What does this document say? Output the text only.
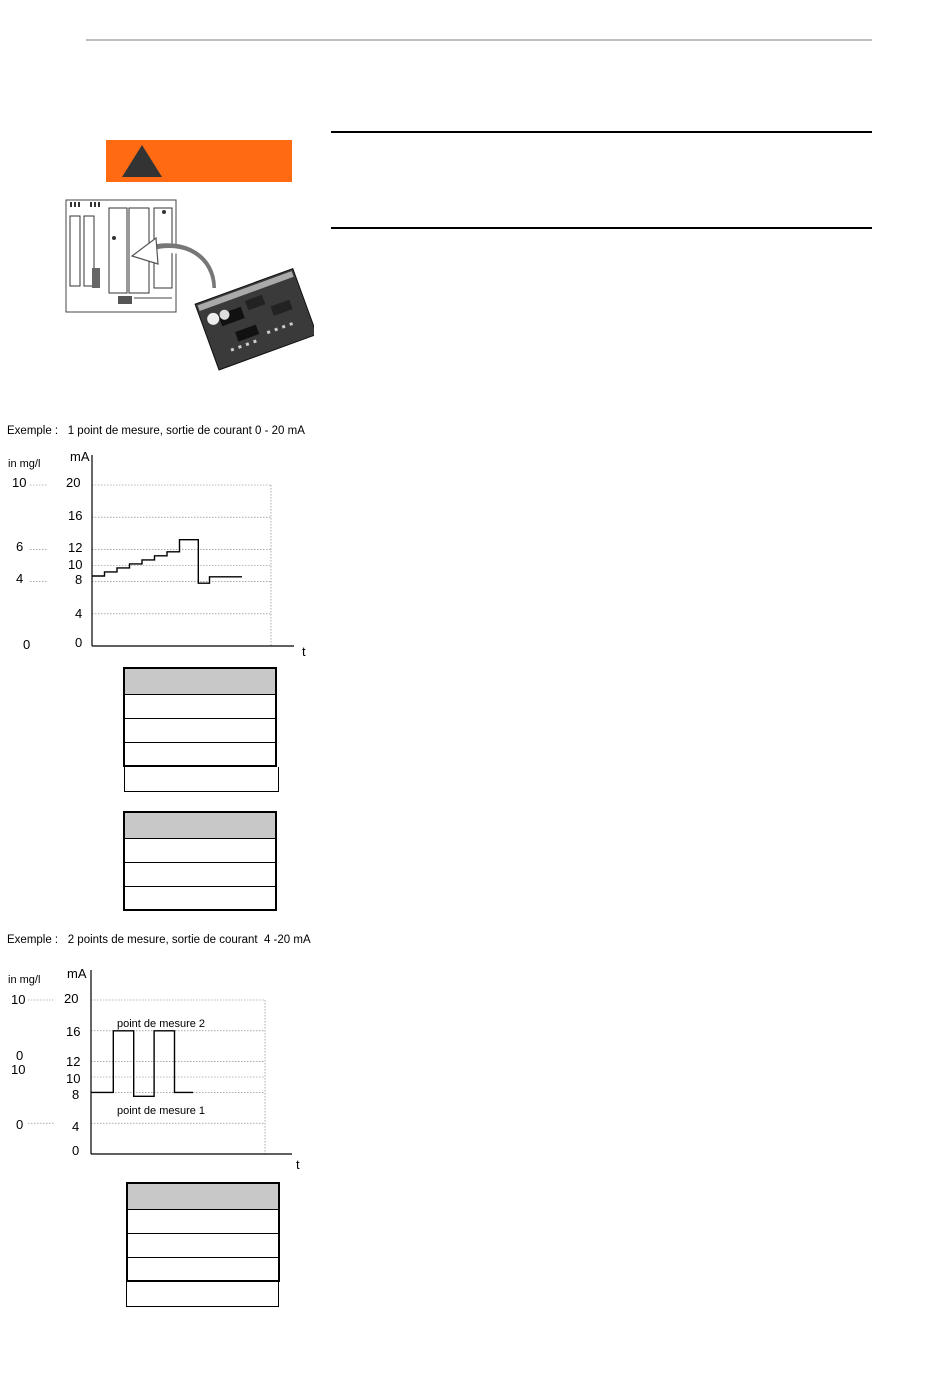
Exemple :   1 point de mesure, sortie de courant 0 - 20 mA
in mg/l mA
10
6
4
0
20
16
12
10
8
4
0
t
Exemple :   2 points de mesure, sortie de courant  4 -20 mA
in mg/l mA
10
0
10
0
20
16
12
10
8
4
0
t
point de mesure 2
point de mesure 1
